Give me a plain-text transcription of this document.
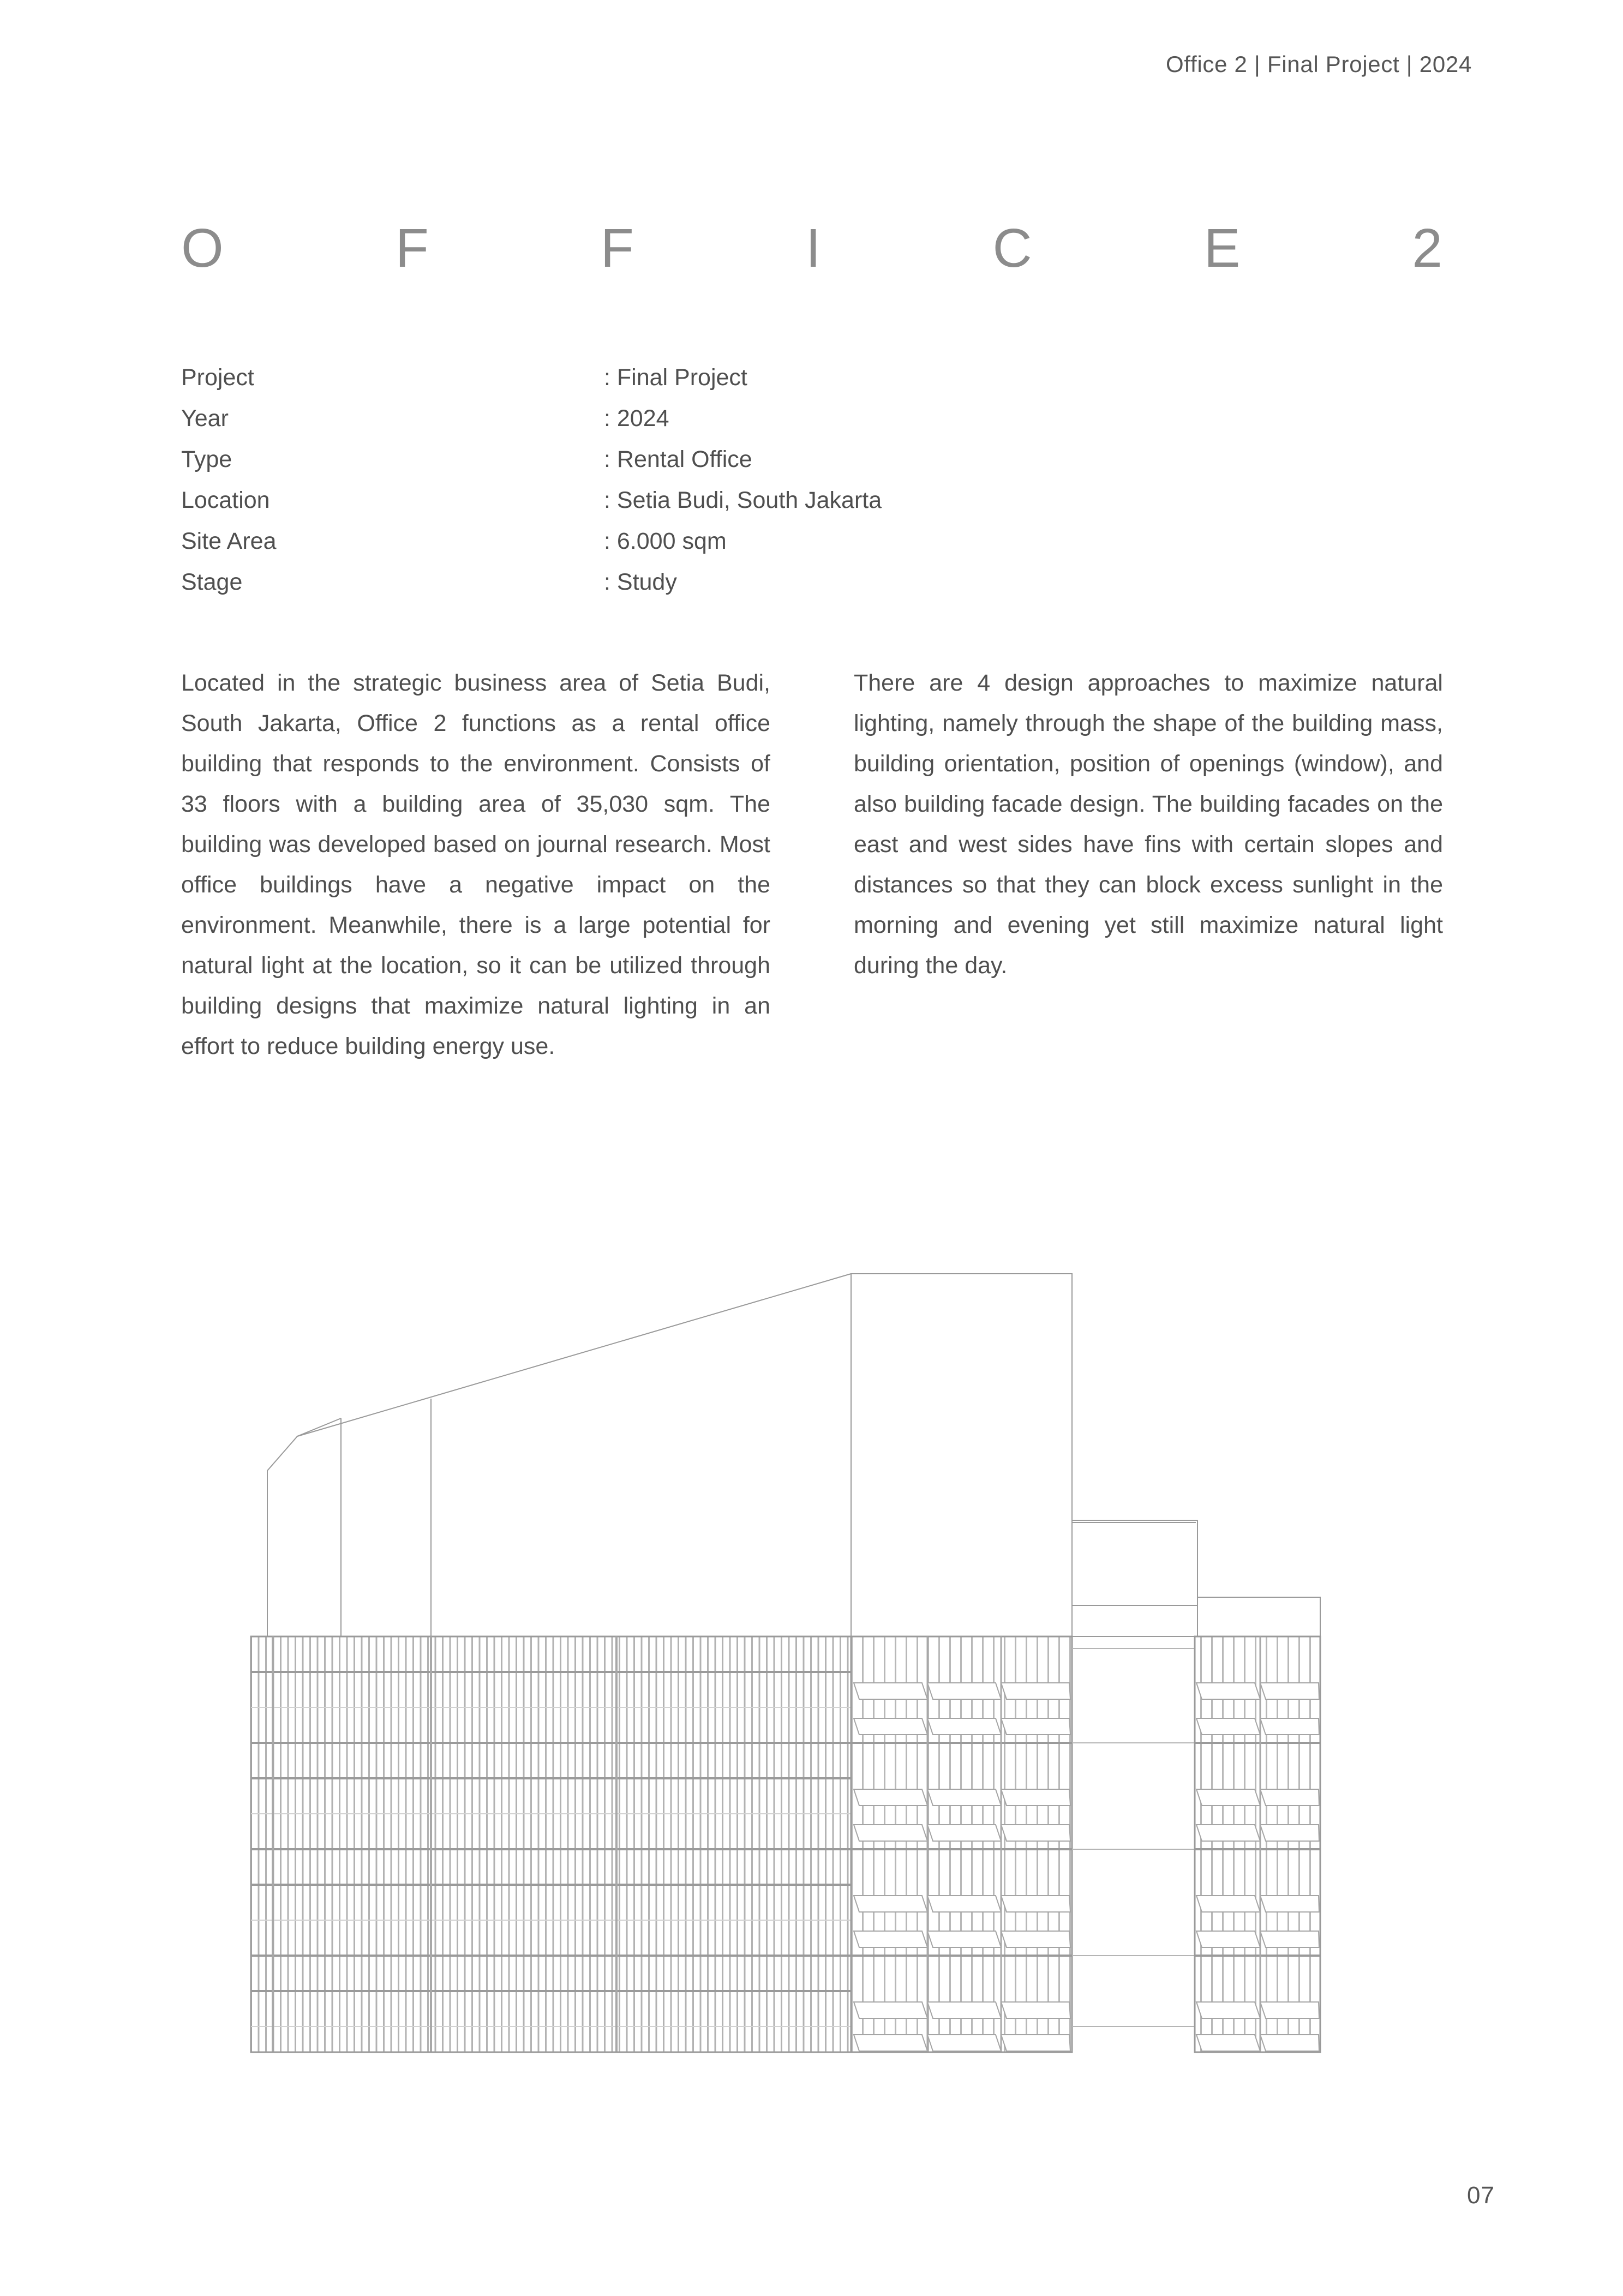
Office 2 | Final Project | 2024
O	F	F	I	C	E	2
Project	: Final Project
Year	: 2024
Type	: Rental Office
Location	: Setia Budi, South Jakarta
Site Area	: 6.000 sqm
Stage	: Study

Located in the strategic business area of Setia Budi, South Jakarta, Office 2 functions as a rental office building that responds to the environment. Consists of 33 floors with a building area of 35,030 sqm. The building was developed based on journal research. Most office buildings have a negative impact on the environment. Meanwhile, there is a large potential for natural light at the location, so it can be utilized through building designs that maximize natural lighting in an effort to reduce building energy use.

There are 4 design approaches to maximize natural lighting, namely through the shape of the building mass, building orientation, position of openings (window), and also building facade design. The building facades on the east and west sides have fins with certain slopes and distances so that they can block excess sunlight in the morning and evening yet still maximize natural light during the day.

07
